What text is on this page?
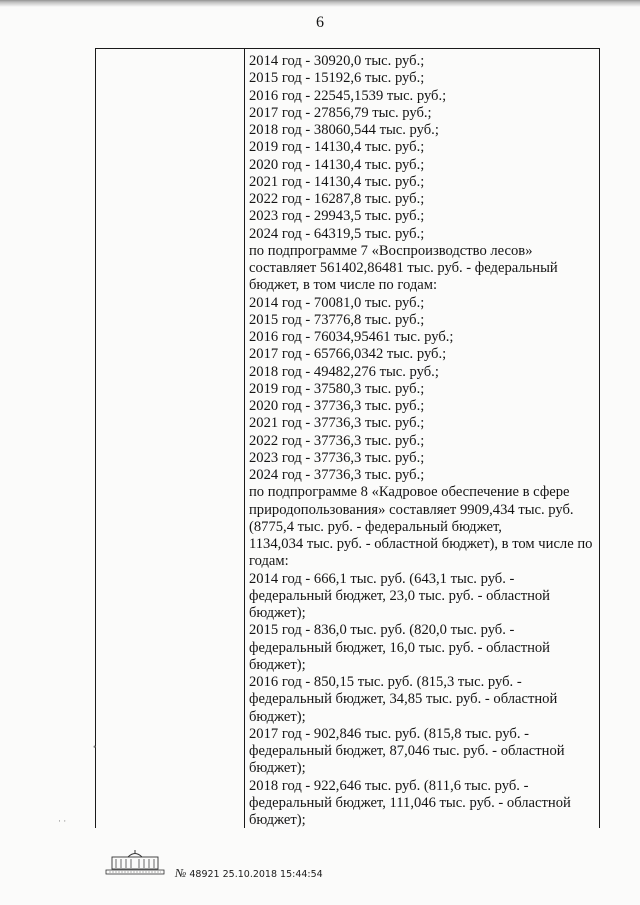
6
2014 год - 30920,0 тыс. руб.;
2015 год - 15192,6 тыс. руб.;
2016 год - 22545,1539 тыс. руб.;
2017 год - 27856,79 тыс. руб.;
2018 год - 38060,544 тыс. руб.;
2019 год - 14130,4 тыс. руб.;
2020 год - 14130,4 тыс. руб.;
2021 год - 14130,4 тыс. руб.;
2022 год - 16287,8 тыс. руб.;
2023 год - 29943,5 тыс. руб.;
2024 год - 64319,5 тыс. руб.;
по подпрограмме 7 «Воспроизводство лесов»
составляет 561402,86481 тыс. руб. - федеральный
бюджет, в том числе по годам:
2014 год - 70081,0 тыс. руб.;
2015 год - 73776,8 тыс. руб.;
2016 год - 76034,95461 тыс. руб.;
2017 год - 65766,0342 тыс. руб.;
2018 год - 49482,276 тыс. руб.;
2019 год - 37580,3 тыс. руб.;
2020 год - 37736,3 тыс. руб.;
2021 год - 37736,3 тыс. руб.;
2022 год - 37736,3 тыс. руб.;
2023 год - 37736,3 тыс. руб.;
2024 год - 37736,3 тыс. руб.;
по подпрограмме 8 «Кадровое обеспечение в сфере
природопользования» составляет 9909,434 тыс. руб.
(8775,4 тыс. руб. - федеральный бюджет,
1134,034 тыс. руб. - областной бюджет), в том числе по
годам:
2014 год - 666,1 тыс. руб. (643,1 тыс. руб. -
федеральный бюджет, 23,0 тыс. руб. - областной
бюджет);
2015 год - 836,0 тыс. руб. (820,0 тыс. руб. -
федеральный бюджет, 16,0 тыс. руб. - областной
бюджет);
2016 год - 850,15 тыс. руб. (815,3 тыс. руб. -
федеральный бюджет, 34,85 тыс. руб. - областной
бюджет);
2017 год - 902,846 тыс. руб. (815,8 тыс. руб. -
федеральный бюджет, 87,046 тыс. руб. - областной
бюджет);
2018 год - 922,646 тыс. руб. (811,6 тыс. руб. -
федеральный бюджет, 111,046 тыс. руб. - областной
бюджет);
•
· ·
№ 48921 25.10.2018 15:44:54
